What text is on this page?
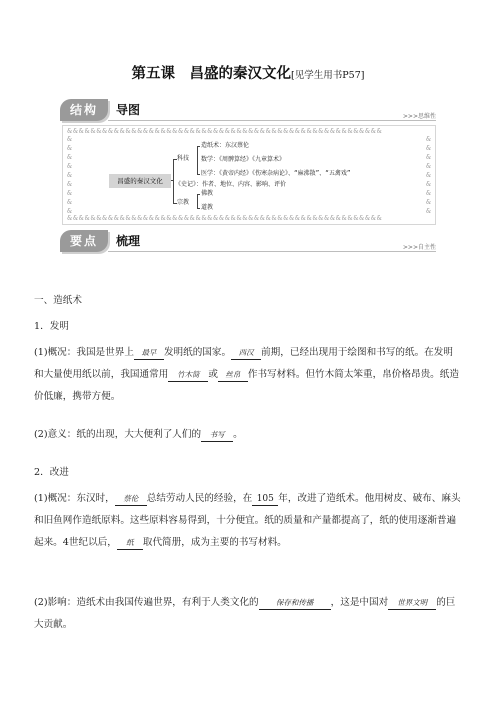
第五课　昌盛的秦汉文化[见学生用书P57]
结构	导图	>>>思维性
&&&&&&&&&&&&&&&&&&&&&&&&&&&&&&&&&&&&&&&&&&&&&&&&&&&&&&
&&&&&&&&&&&&&&&&&&&&&&&&&&&&&&&&&&&&&&&&&&&&&&&&&&&&&&
&
&
&
&
&
&
&
&
&
&
&
&
&
&
&
&
&
&
昌盛的秦汉文化
科技
造纸术：东汉蔡伦
数学：《周髀算经》《九章算术》
医学：《黄帝内经》《伤寒杂病论》、“麻沸散”、“五禽戏”
《史记》：作者、地位、内容、影响、评价
宗教
佛教
道教
要点	梳理	>>>自主性
一、造纸术
1．发明
(1)概况：我国是世界上 最早 发明纸的国家。 西汉 前期，已经出现用于绘图和书写的纸。在发明和大量使用纸以前，我国通常用 竹木简 或 丝帛 作书写材料。但竹木简太笨重，帛价格昂贵。纸造价低廉，携带方便。
(2)意义：纸的出现，大大便利了人们的 书写 。
2．改进
(1)概况：东汉时， 蔡伦 总结劳动人民的经验，在 105 年，改进了造纸术。他用树皮、破布、麻头和旧鱼网作造纸原料。这些原料容易得到，十分便宜。纸的质量和产量都提高了，纸的使用逐渐普遍起来。4世纪以后， 纸 取代简册，成为主要的书写材料。
(2)影响：造纸术由我国传遍世界，有利于人类文化的 保存和传播 ，这是中国对 世界文明 的巨大贡献。
